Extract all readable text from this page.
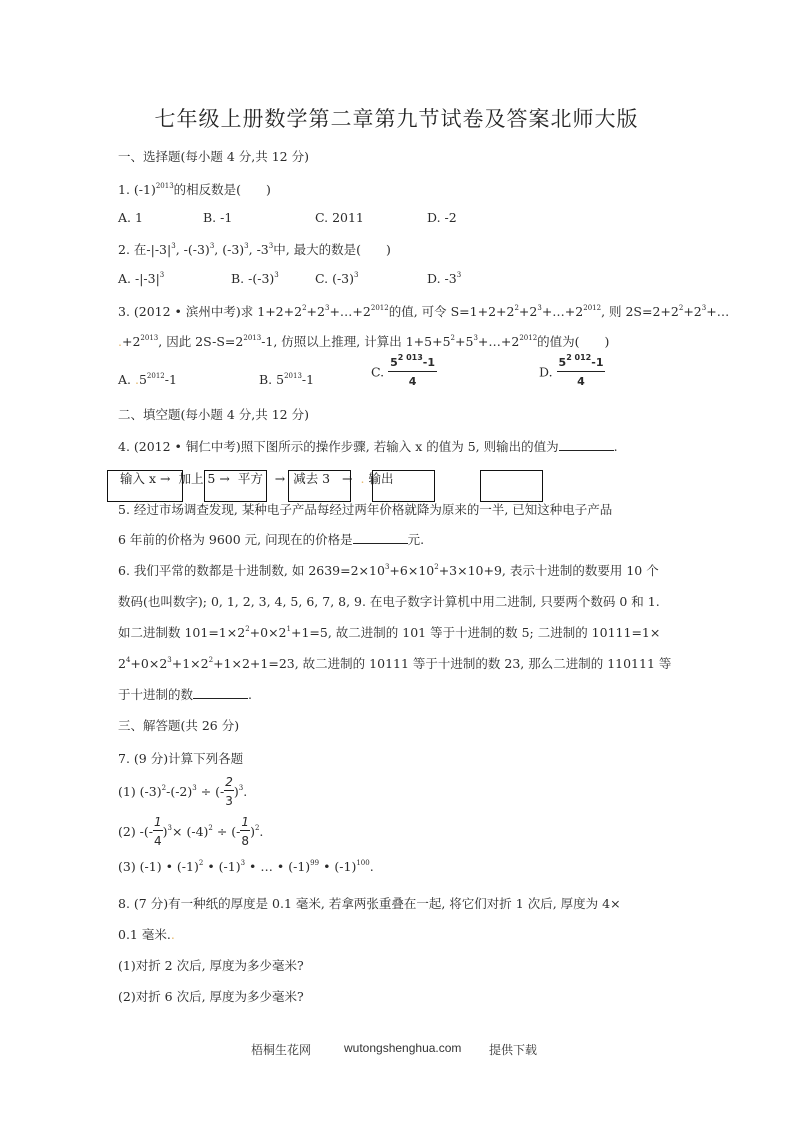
七年级上册数学第二章第九节试卷及答案北师大版
一、选择题(每小题 4 分,共 12 分)
1. $(-1)^{2013}$的相反数是(　　)
A. 1	B. -1	C. 2011	D. -2
2. 在$-|-3|^3$, $-(-3)^3$, $(-3)^3$, $-3^3$中, 最大的数是(　　)
A. $-|-3|^3$	B. $-(-3)^3$	C. $(-3)^3$	D. $-3^3$
3. (2012 • 滨州中考)求 $1+2+2^2+2^3+\dots+2^{2012}$的值, 可令 $S=1+2+2^2+2^3+\dots+2^{2012}$, 则 $2S=2+2^2+2^3+\dots$
$.+2^{2013}$, 因此 $2S-S=2^{2013}-1$, 仿照以上推理, 计算出 $1+5+5^2+5^3+\dots+2^{2012}$的值为(　　)
A. $.5^{2012}-1$	B. $5^{2013}-1$	C. $\frac{5^{2 013}-1}{4}$	D. $\frac{5^{2 012}-1}{4}$
二、填空题(每小题 4 分,共 12 分)
4. (2012 • 铜仁中考)照下图所示的操作步骤, 若输入 x 的值为 5, 则输出的值为	.
输入 x → 加上 5 → 平方 → 减去 3 → . 输出
5. 经过市场调查发现, 某种电子产品每经过两年价格就降为原来的一半, 已知这种电子产品
6 年前的价格为 9600 元, 问现在的价格是	元.
6. 我们平常的数都是十进制数, 如 $2639=2\times 10^3+6\times 10^2+3\times 10+9$, 表示十进制的数要用 10 个
数码(也叫数字); 0, 1, 2, 3, 4, 5, 6, 7, 8, 9. 在电子数字计算机中用二进制, 只要两个数码 0 和 1.
如二进制数 $101=1\times 2^2+0\times 2^1+1=5$, 故二进制的 101 等于十进制的数 5; 二进制的 10111=1×
$2^4+0\times 2^3+1\times 2^2+1\times 2+1=23$, 故二进制的 10111 等于十进制的数 23, 那么二进制的 110111 等
于十进制的数	.
三、解答题(共 26 分)
7. (9 分)计算下列各题
(1) $(-3)^2-(-2)^3$ ÷ (- $\frac{2}{3} )^3$.
(2) -(- $\frac{1}{4} )^3\times (-4)^2$ ÷ (- $\frac{1}{8} )^2$.
(3) (-1) • $(-1)^2$ • $(-1)^3$ • … • $(-1)^{99}$ • $(-1)^{100}$.
8. (7 分)有一种纸的厚度是 0.1 毫米, 若拿两张重叠在一起, 将它们对折 1 次后, 厚度为 4×
0.1 毫米..
(1)对折 2 次后, 厚度为多少毫米?
(2)对折 6 次后, 厚度为多少毫米?
梧桐生花网	wutongshenghua.com 提供下载
